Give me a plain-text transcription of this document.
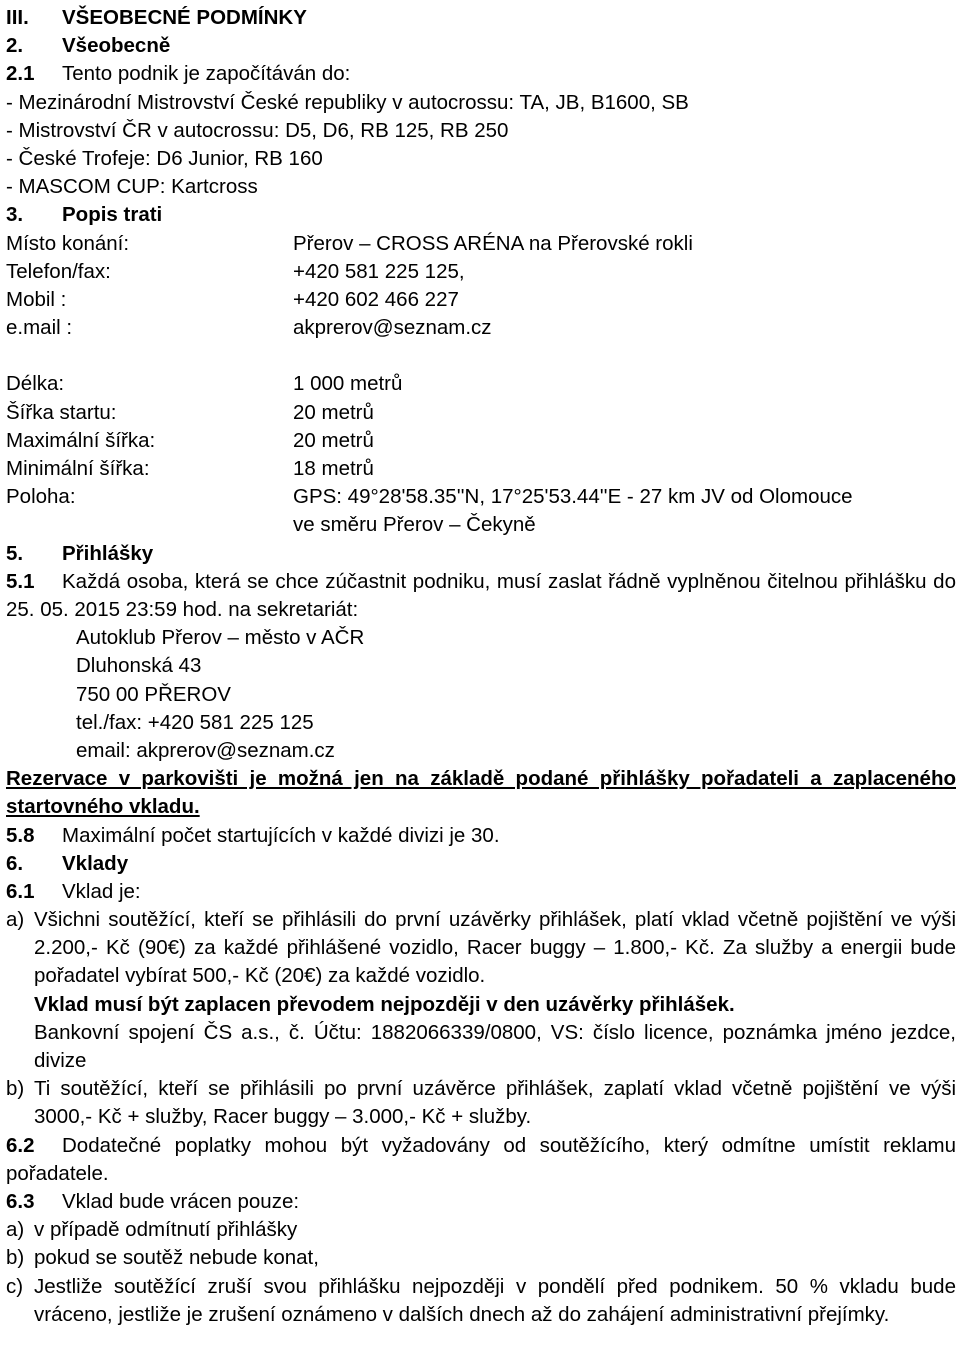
III. VŠEOBECNÉ PODMÍNKY
2. Všeobecně
2.1 Tento podnik je započítáván do:
- Mezinárodní Mistrovství České republiky v autocrossu: TA, JB, B1600, SB
- Mistrovství ČR v autocrossu: D5, D6, RB 125, RB 250
- České Trofeje: D6 Junior, RB 160
- MASCOM CUP: Kartcross
3. Popis trati
Místo konání:	Přerov – CROSS ARÉNA na Přerovské rokli
Telefon/fax:	+420 581 225 125,
Mobil :	+420 602 466 227
e.mail :	akprerov@seznam.cz
Délka:	1 000 metrů
Šířka startu:	20 metrů
Maximální šířka:	20 metrů
Minimální šířka:	18 metrů
Poloha:	GPS: 49°28'58.35''N, 17°25'53.44''E - 27 km JV od Olomouce
ve směru Přerov – Čekyně
5. Přihlášky
5.1 Každá osoba, která se chce zúčastnit podniku, musí zaslat řádně vyplněnou čitelnou přihlášku do 25. 05. 2015 23:59 hod. na sekretariát:
Autoklub Přerov – město v AČR
Dluhonská 43
750 00 PŘEROV
tel./fax: +420 581 225 125
email: akprerov@seznam.cz
Rezervace v parkovišti je možná jen na základě podané přihlášky pořadateli a zaplaceného startovného vkladu.
5.8 Maximální počet startujících v každé divizi je 30.
6. Vklady
6.1 Vklad je:
a) Všichni soutěžící, kteří se přihlásili do první uzávěrky přihlášek, platí vklad včetně pojištění ve výši 2.200,- Kč (90€) za každé přihlášené vozidlo, Racer buggy – 1.800,- Kč. Za služby a energii bude pořadatel vybírat 500,- Kč (20€) za každé vozidlo.
Vklad musí být zaplacen převodem nejpozději v den uzávěrky přihlášek.
Bankovní spojení ČS a.s., č. Účtu: 1882066339/0800, VS: číslo licence, poznámka jméno jezdce, divize
b) Ti soutěžící, kteří se přihlásili po první uzávěrce přihlášek, zaplatí vklad včetně pojištění ve výši 3000,- Kč + služby, Racer buggy – 3.000,- Kč + služby.
6.2 Dodatečné poplatky mohou být vyžadovány od soutěžícího, který odmítne umístit reklamu pořadatele.
6.3 Vklad bude vrácen pouze:
a) v případě odmítnutí přihlášky
b) pokud se soutěž nebude konat,
c) Jestliže soutěžící zruší svou přihlášku nejpozději v pondělí před podnikem. 50 % vkladu bude vráceno, jestliže je zrušení oznámeno v dalších dnech až do zahájení administrativní přejímky.
